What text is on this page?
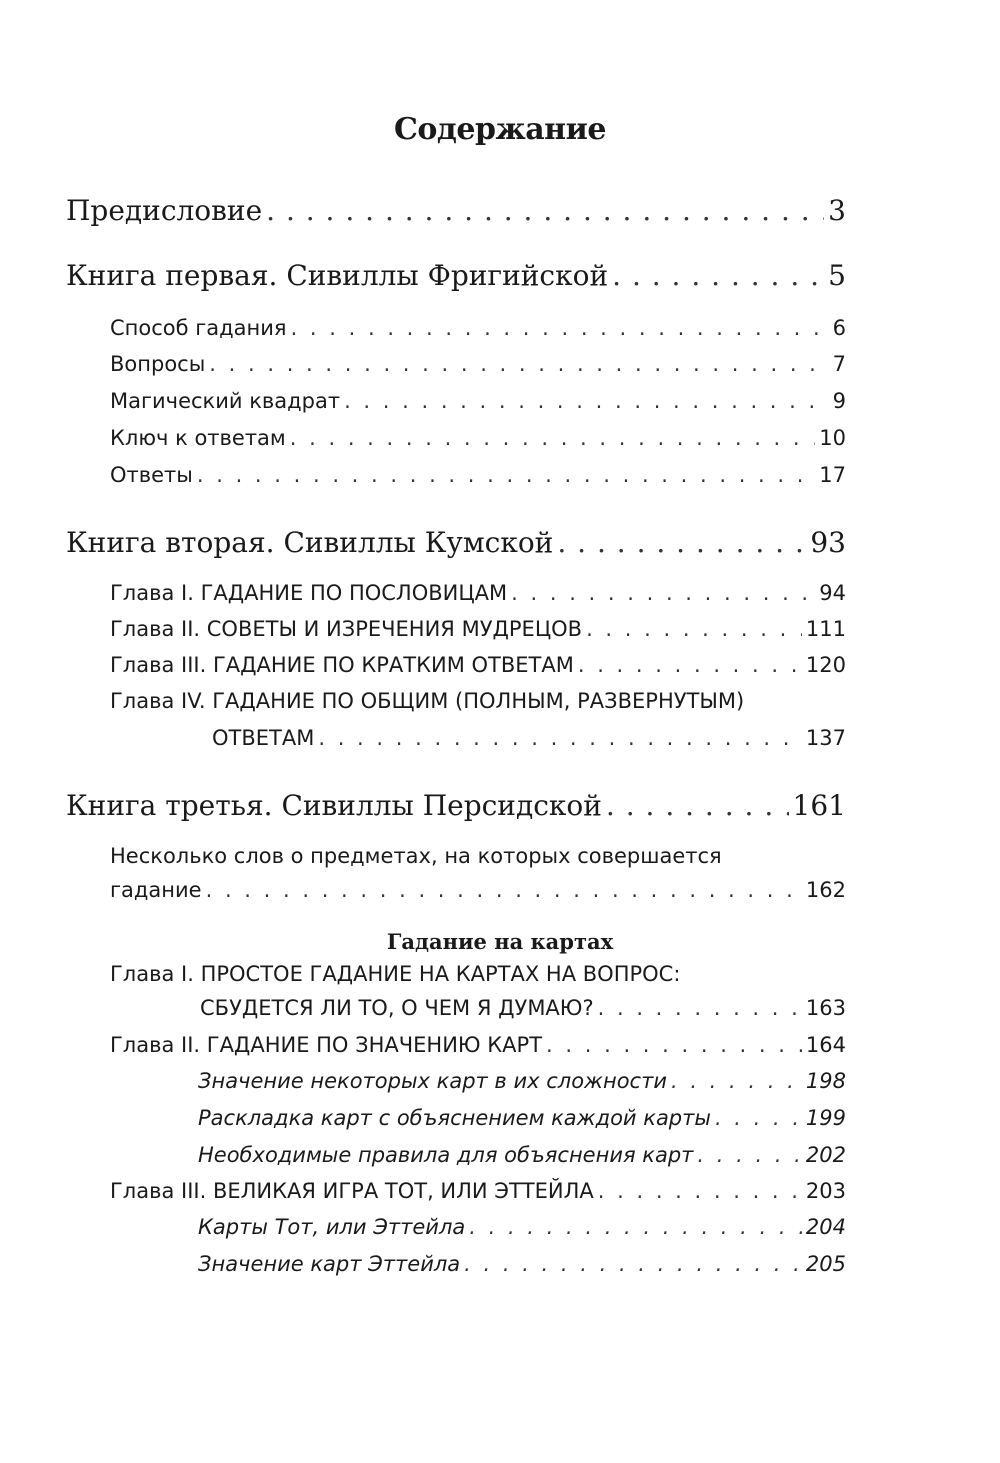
Содержание
Предисловие . . .	3
Книга первая. Сивиллы Фригийской . . .	5
Способ гадания . . .	6
Вопросы . . .	7
Магический квадрат . . .	9
Ключ к ответам . . .	10
Ответы . . .	17
Книга вторая. Сивиллы Кумской . . .	93
Глава I. ГАДАНИЕ ПО ПОСЛОВИЦАМ . . .	94
Глава II. СОВЕТЫ И ИЗРЕЧЕНИЯ МУДРЕЦОВ . . .	111
Глава III. ГАДАНИЕ ПО КРАТКИМ ОТВЕТАМ . . .	120
Глава IV. ГАДАНИЕ ПО ОБЩИМ (ПОЛНЫМ, РАЗВЕРНУТЫМ)
ОТВЕТАМ . . .	137
Книга третья. Сивиллы Персидской . . .	161
Несколько слов о предметах, на которых совершается
гадание . . .	162
Гадание на картах
Глава I. ПРОСТОЕ ГАДАНИЕ НА КАРТАХ НА ВОПРОС:
СБУДЕТСЯ ЛИ ТО, О ЧЕМ Я ДУМАЮ? . . .	163
Глава II. ГАДАНИЕ ПО ЗНАЧЕНИЮ КАРТ . . .	164
Значение некоторых карт в их сложности . . .	198
Раскладка карт с объяснением каждой карты . . .	199
Необходимые правила для объяснения карт . . .	202
Глава III. ВЕЛИКАЯ ИГРА ТОТ, ИЛИ ЭТТЕЙЛА . . .	203
Карты Тот, или Эттейла . . .	204
Значение карт Эттейла . . .	205
